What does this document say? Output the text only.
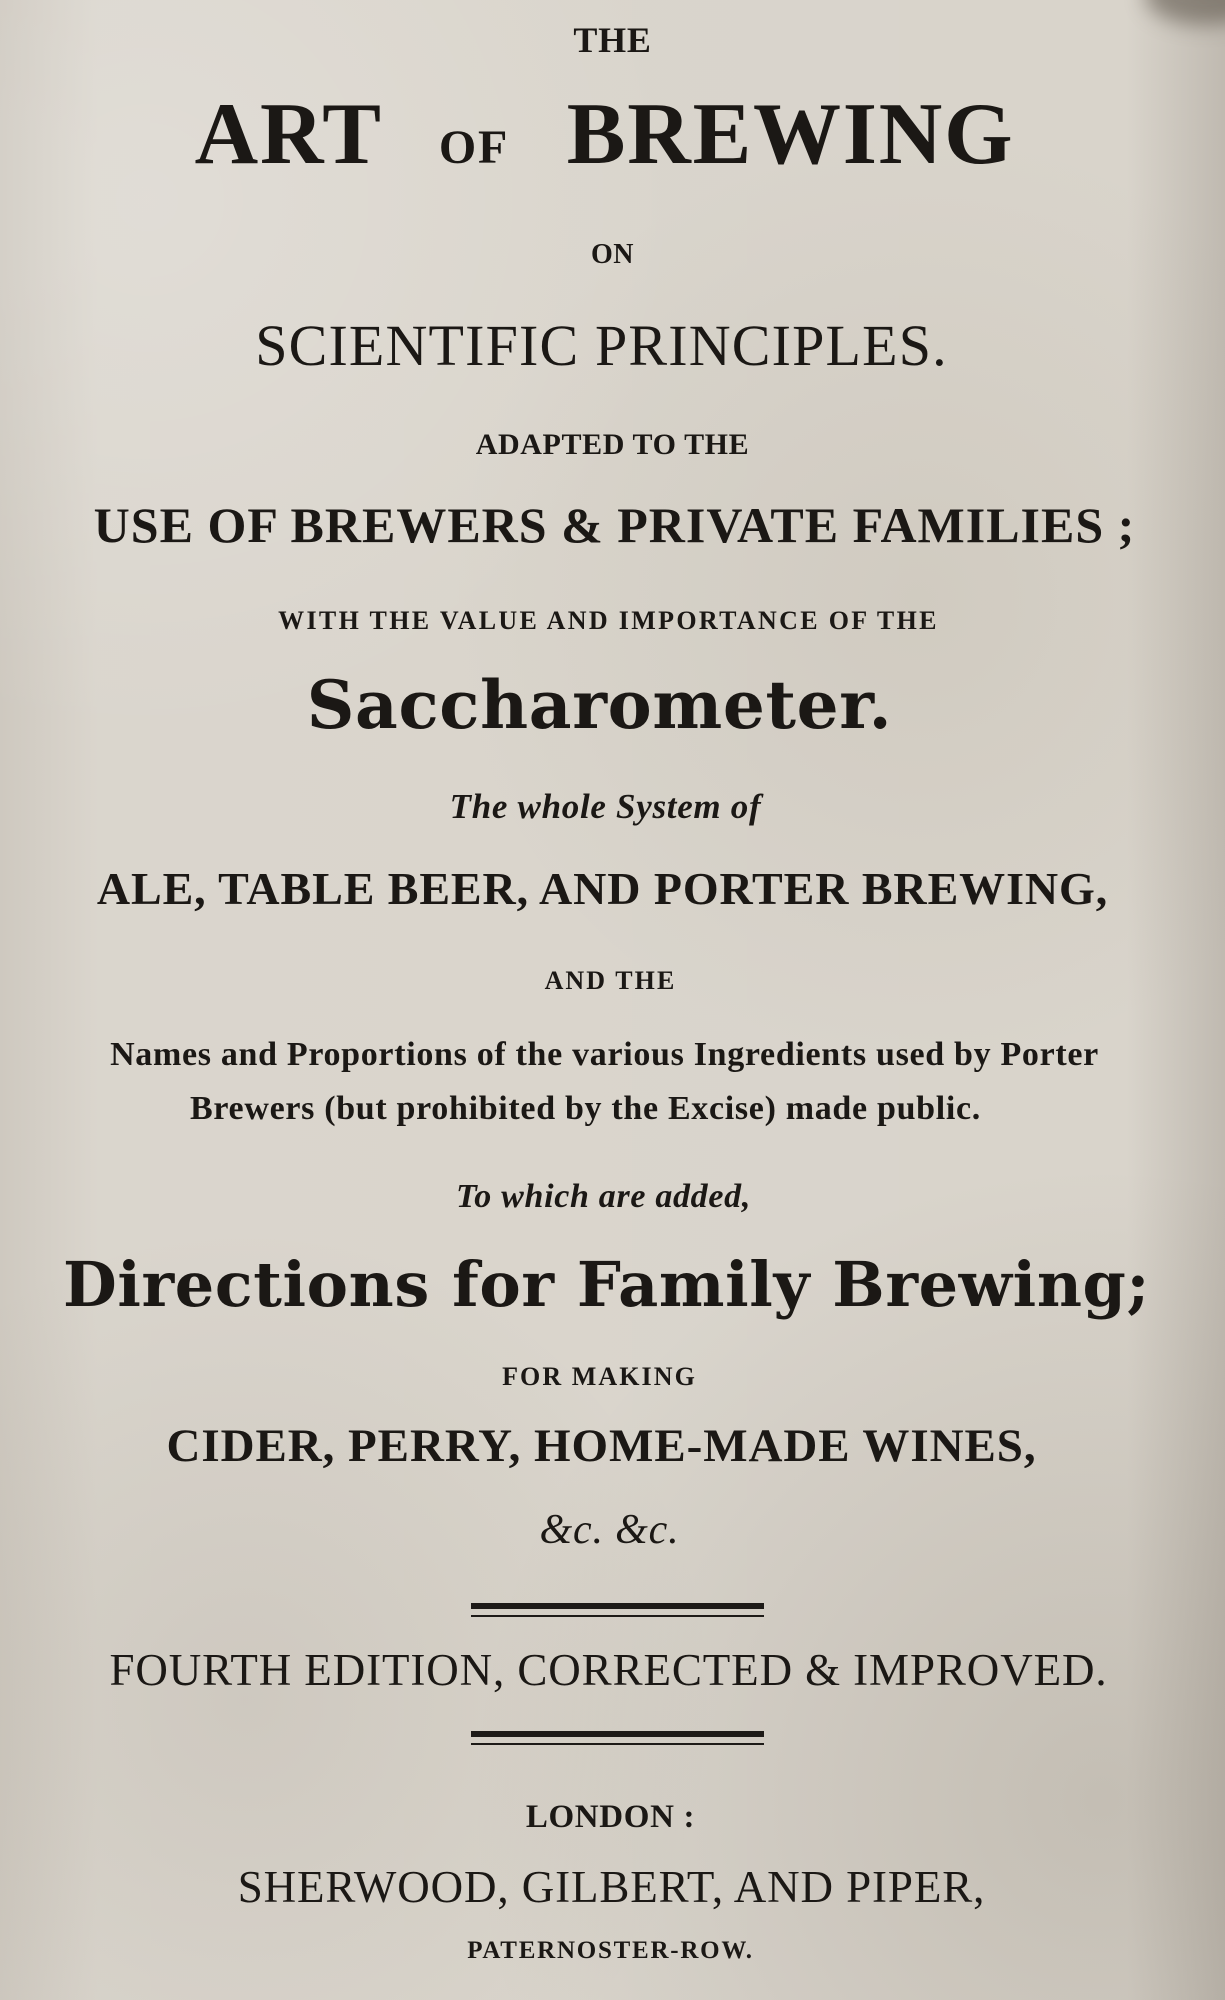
THE
ART OF BREWING
ON
SCIENTIFIC PRINCIPLES.
ADAPTED TO THE
USE OF BREWERS & PRIVATE FAMILIES ;
WITH THE VALUE AND IMPORTANCE OF THE
Saccharometer.
The whole System of
ALE, TABLE BEER, AND PORTER BREWING,
AND THE
Names and Proportions of the various Ingredients used by Porter
Brewers (but prohibited by the Excise) made public.
To which are added,
Directions for Family Brewing;
FOR MAKING
CIDER, PERRY, HOME-MADE WINES,
&c. &c.
FOURTH EDITION, CORRECTED & IMPROVED.
LONDON :
SHERWOOD, GILBERT, AND PIPER,
PATERNOSTER-ROW.
